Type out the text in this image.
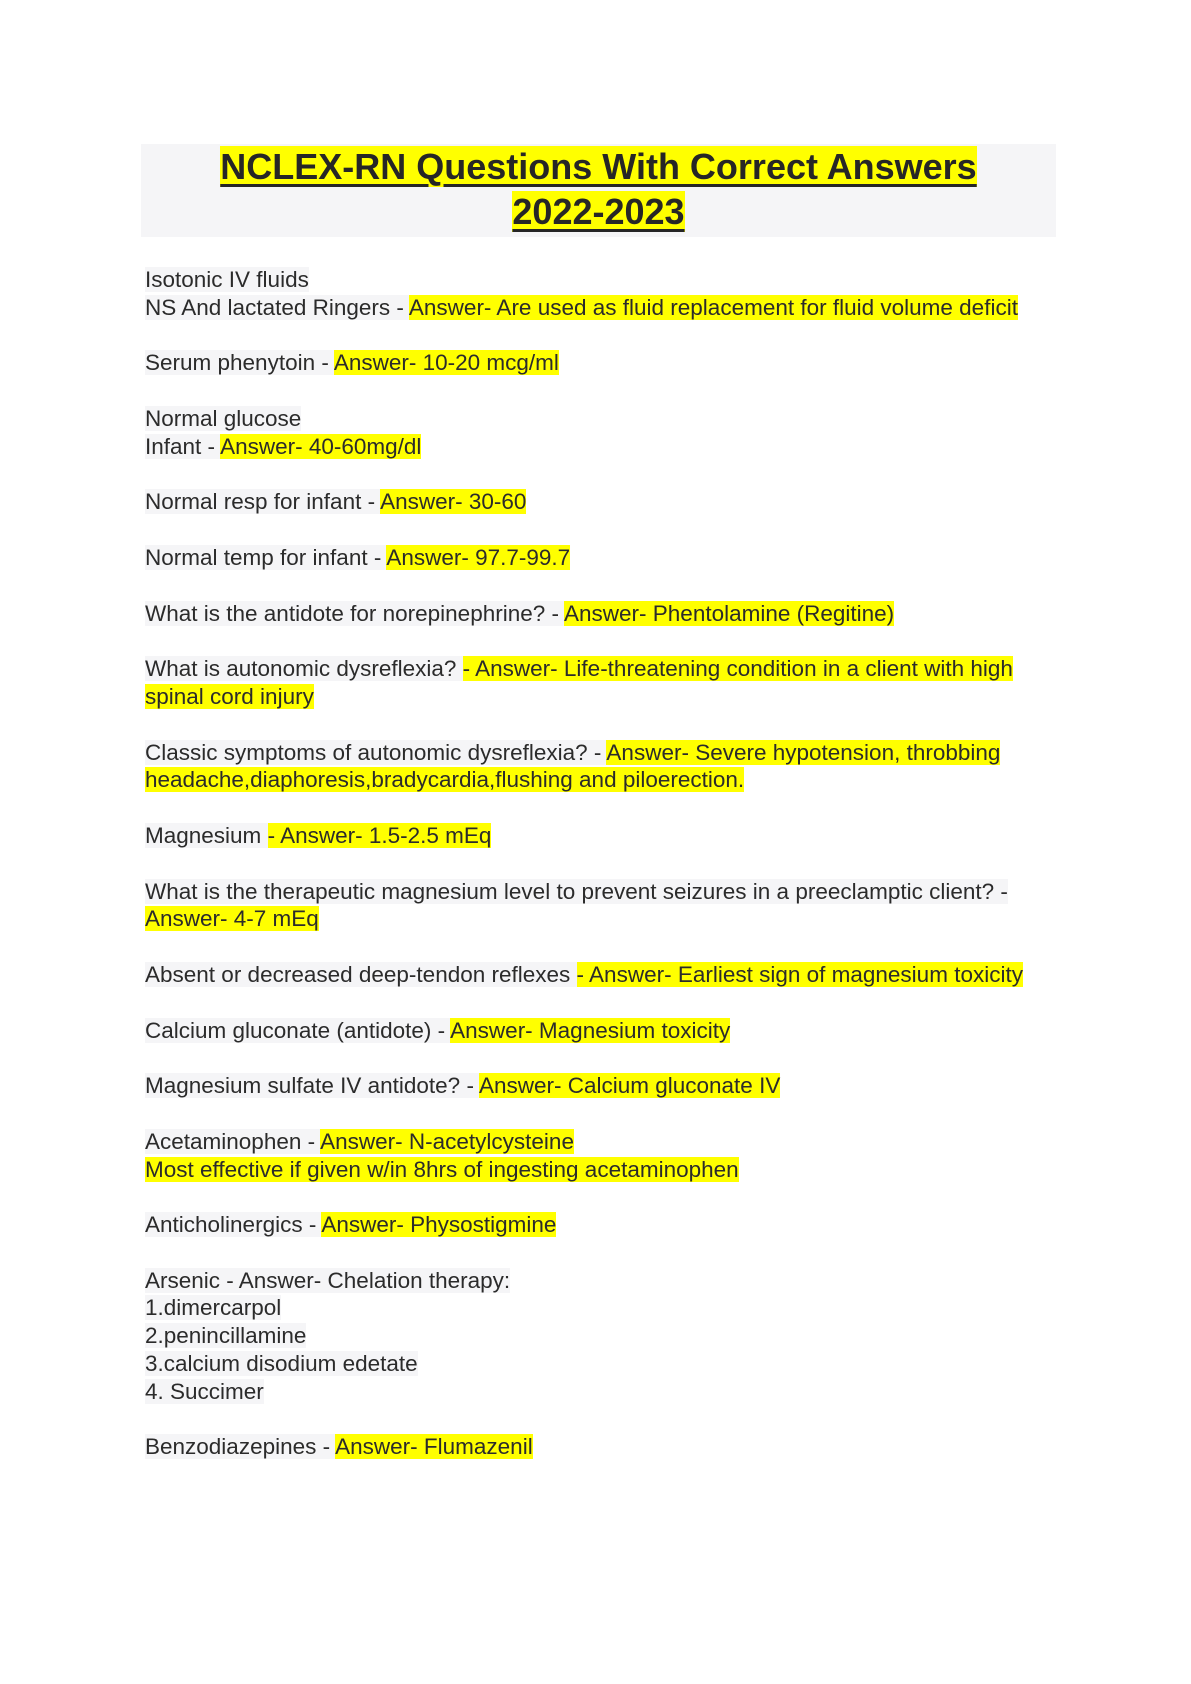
NCLEX-RN Questions With Correct Answers
2022-2023
Isotonic IV fluids
NS And lactated Ringers - Answer- Are used as fluid replacement for fluid volume deficit
Serum phenytoin - Answer- 10-20 mcg/ml
Normal glucose
Infant - Answer- 40-60mg/dl
Normal resp for infant - Answer- 30-60
Normal temp for infant - Answer- 97.7-99.7
What is the antidote for norepinephrine? - Answer- Phentolamine (Regitine)
What is autonomic dysreflexia? - Answer- Life-threatening condition in a client with high spinal cord injury
Classic symptoms of autonomic dysreflexia? - Answer- Severe hypotension, throbbing headache,diaphoresis,bradycardia,flushing and piloerection.
Magnesium - Answer- 1.5-2.5 mEq
What is the therapeutic magnesium level to prevent seizures in a preeclamptic client? - Answer- 4-7 mEq
Absent or decreased deep-tendon reflexes - Answer- Earliest sign of magnesium toxicity
Calcium gluconate (antidote) - Answer- Magnesium toxicity
Magnesium sulfate IV antidote? - Answer- Calcium gluconate IV
Acetaminophen - Answer- N-acetylcysteine
Most effective if given w/in 8hrs of ingesting acetaminophen
Anticholinergics - Answer- Physostigmine
Arsenic - Answer- Chelation therapy:
1.dimercarpol
2.penincillamine
3.calcium disodium edetate
4. Succimer
Benzodiazepines - Answer- Flumazenil
